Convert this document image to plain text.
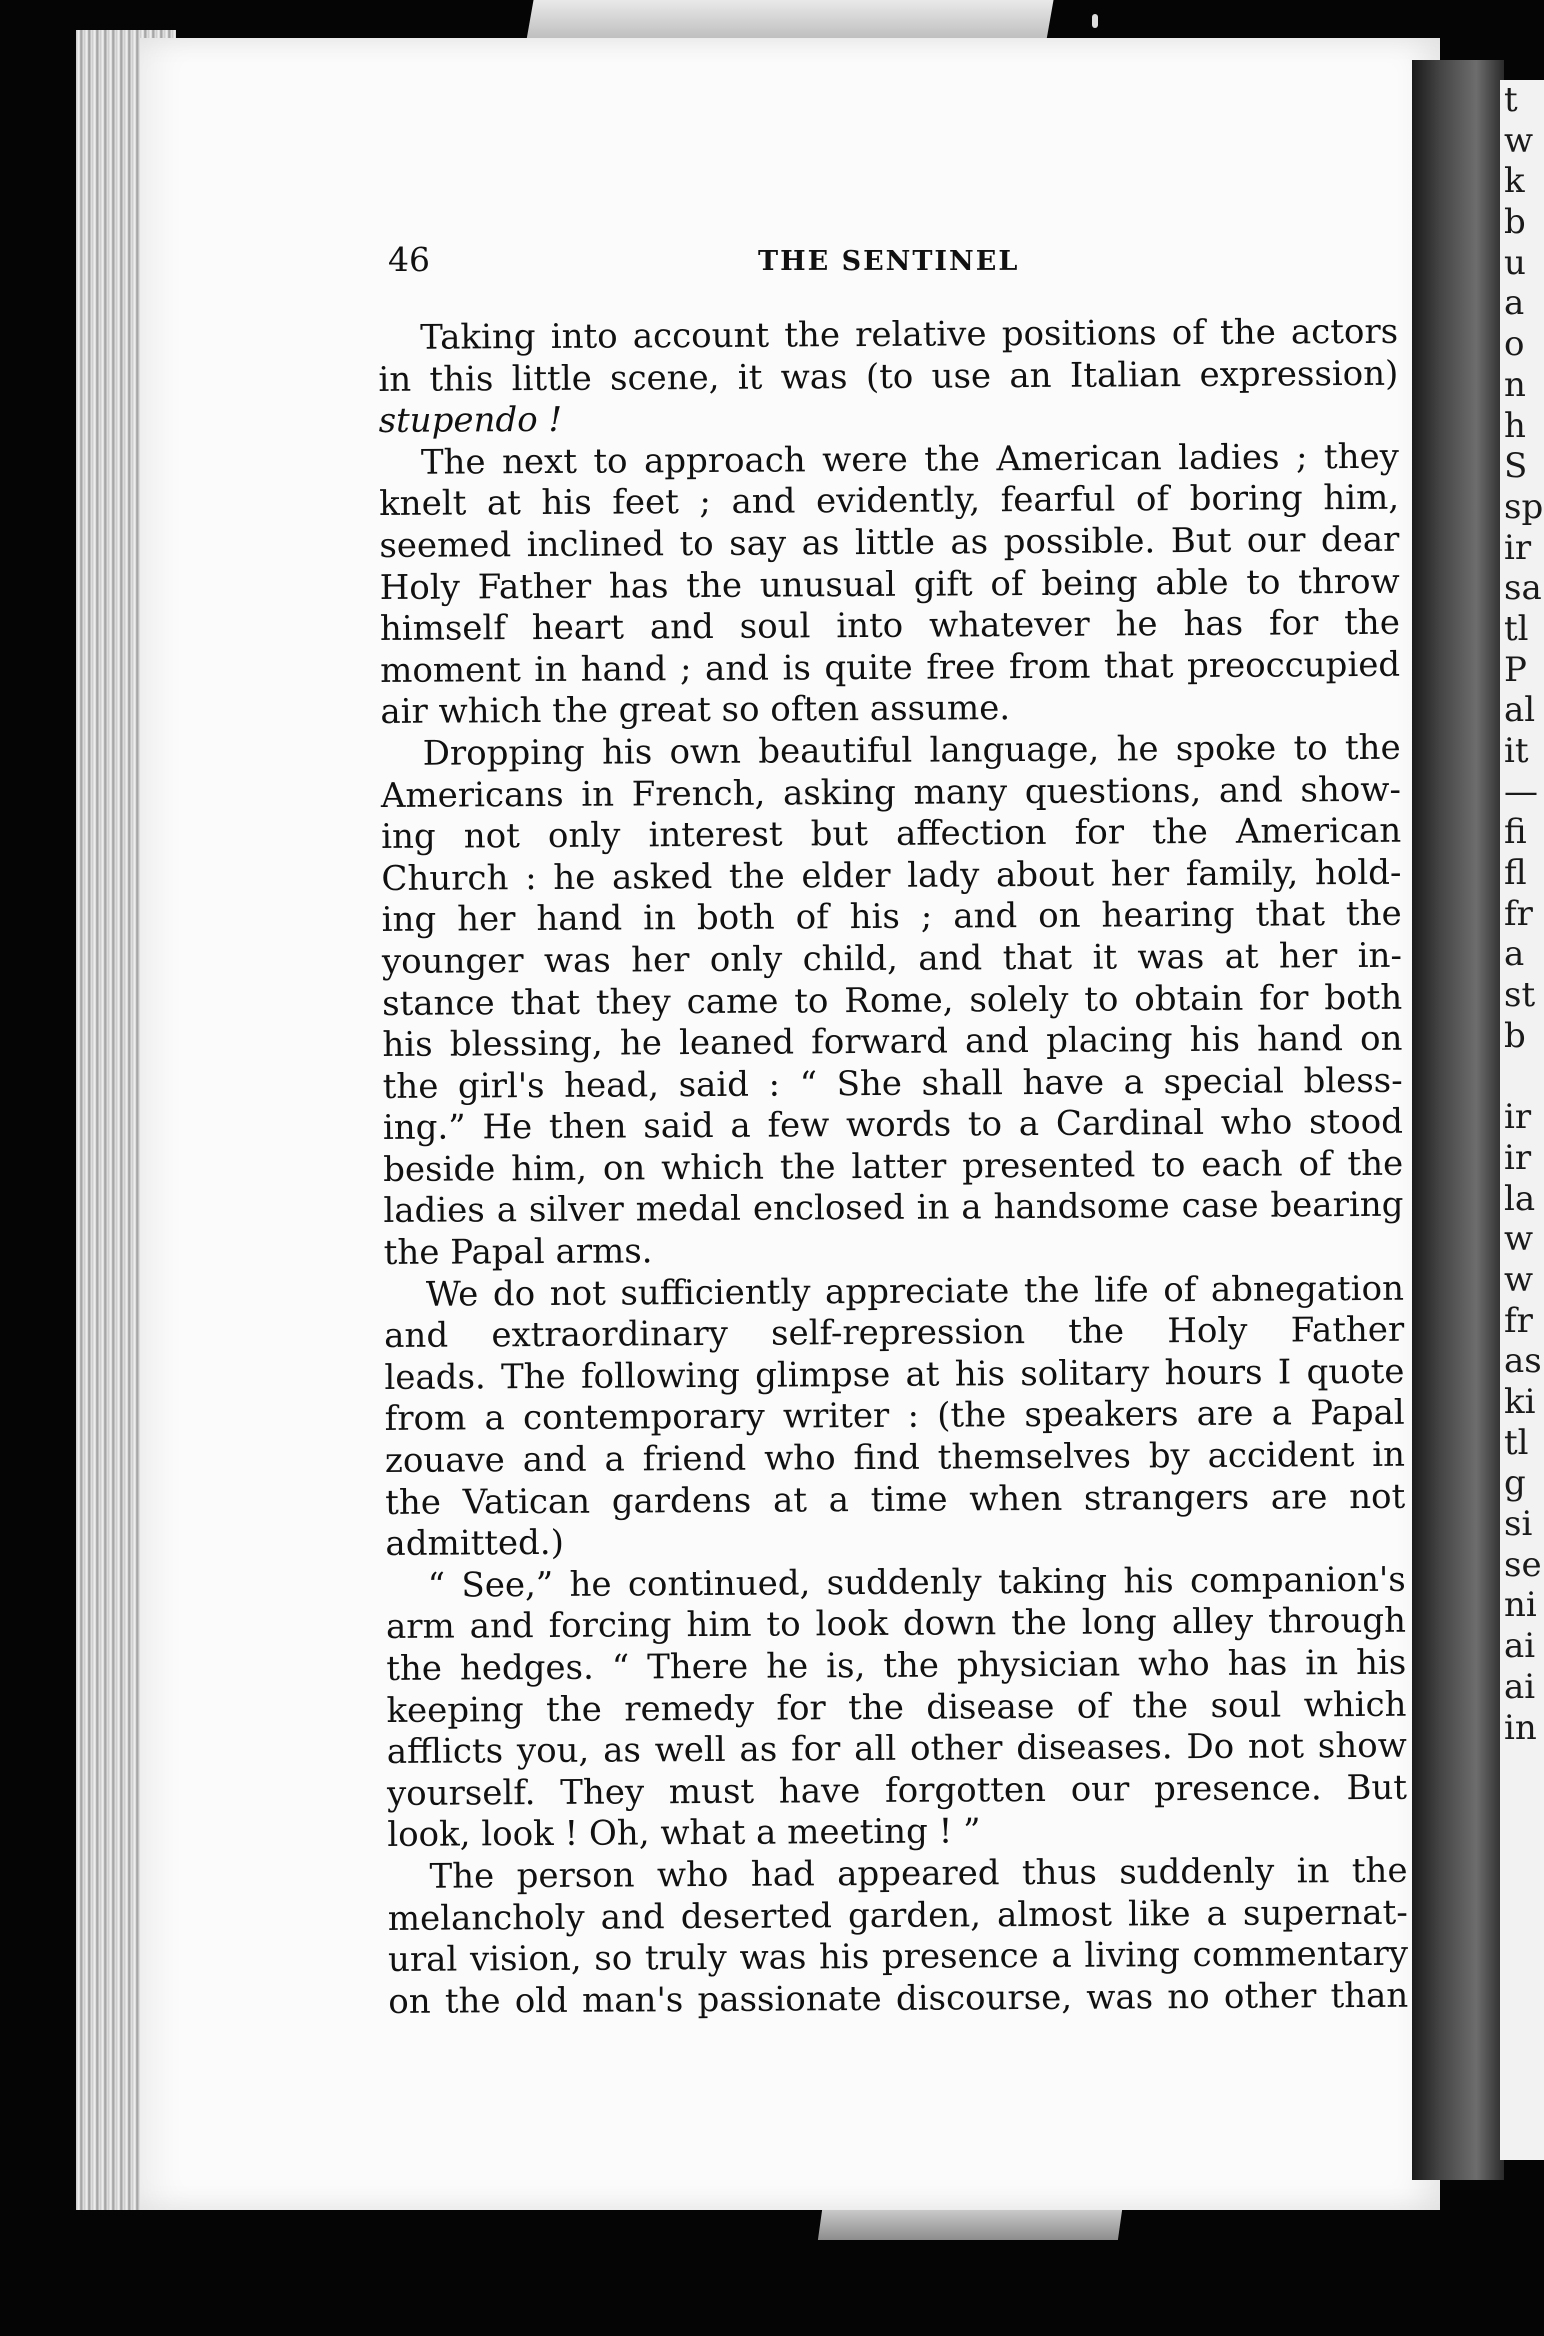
t
w
k
b
u
a
o
n
h
S
sp
ir
sa
tl
P
al
it
—
fi
fl
fr
a
st
b
ir
ir
la
w
w
fr
as
ki
tl
g
si
se
ni
ai
ai
in
46	THE SENTINEL
Taking into account the relative positions of the actors
in this little scene, it was (to use an Italian expression)
stupendo !
The next to approach were the American ladies ; they
knelt at his feet ; and evidently, fearful of boring him,
seemed inclined to say as little as possible. But our dear
Holy Father has the unusual gift of being able to throw
himself heart and soul into whatever he has for the
moment in hand ; and is quite free from that preoccupied
air which the great so often assume.
Dropping his own beautiful language, he spoke to the
Americans in French, asking many questions, and show-
ing not only interest but affection for the American
Church : he asked the elder lady about her family, hold-
ing her hand in both of his ; and on hearing that the
younger was her only child, and that it was at her in-
stance that they came to Rome, solely to obtain for both
his blessing, he leaned forward and placing his hand on
the girl's head, said : “ She shall have a special bless-
ing.” He then said a few words to a Cardinal who stood
beside him, on which the latter presented to each of the
ladies a silver medal enclosed in a handsome case bearing
the Papal arms.
We do not sufficiently appreciate the life of abnegation
and extraordinary self-repression the Holy Father
leads. The following glimpse at his solitary hours I quote
from a contemporary writer : (the speakers are a Papal
zouave and a friend who find themselves by accident in
the Vatican gardens at a time when strangers are not
admitted.)
“ See,” he continued, suddenly taking his companion's
arm and forcing him to look down the long alley through
the hedges. “ There he is, the physician who has in his
keeping the remedy for the disease of the soul which
afflicts you, as well as for all other diseases. Do not show
yourself. They must have forgotten our presence. But
look, look ! Oh, what a meeting ! ”
The person who had appeared thus suddenly in the
melancholy and deserted garden, almost like a supernat-
ural vision, so truly was his presence a living commentary
on the old man's passionate discourse, was no other than
